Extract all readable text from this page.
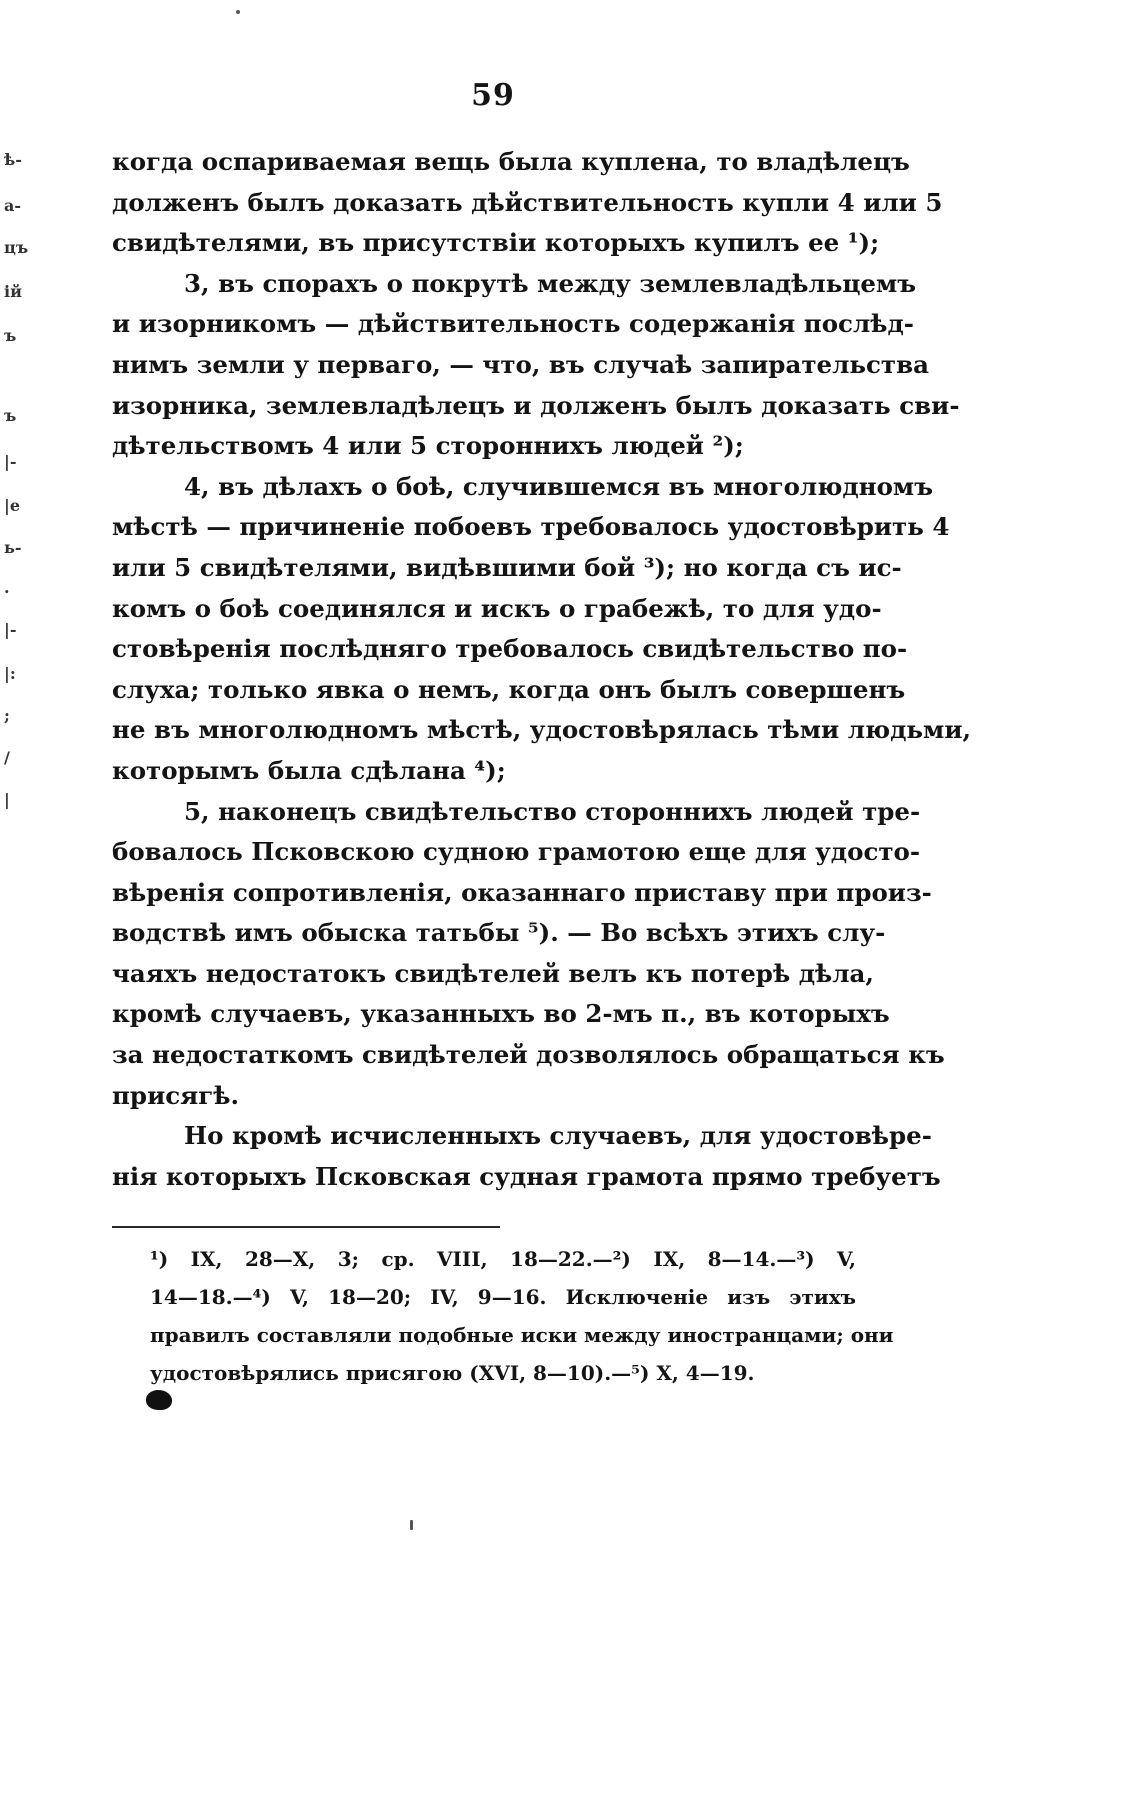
59
ѣ-
а-
цъ
ій
ъ
ъ
|-
|е
ь-
.
|-
|:
;
/
|
когда оспариваемая вещь была куплена, то владѣлецъ
долженъ былъ доказать дѣйствительность купли 4 или 5
свидѣтелями, въ присутствіи которыхъ купилъ ее ¹);
3, въ спорахъ о покрутѣ между землевладѣльцемъ
и изорникомъ — дѣйствительность содержанія послѣд-
нимъ земли у перваго, — что, въ случаѣ запирательства
изорника, землевладѣлецъ и долженъ былъ доказать сви-
дѣтельствомъ 4 или 5 стороннихъ людей ²);
4, въ дѣлахъ о боѣ, случившемся въ многолюдномъ
мѣстѣ — причиненіе побоевъ требовалось удостовѣрить 4
или 5 свидѣтелями, видѣвшими бой ³); но когда съ ис-
комъ о боѣ соединялся и искъ о грабежѣ, то для удо-
стовѣренія послѣдняго требовалось свидѣтельство по-
слуха; только явка о немъ, когда онъ былъ совершенъ
не въ многолюдномъ мѣстѣ, удостовѣрялась тѣми людьми,
которымъ была сдѣлана ⁴);
5, наконецъ свидѣтельство стороннихъ людей тре-
бовалось Псковскою судною грамотою еще для удосто-
вѣренія сопротивленія, оказаннаго приставу при произ-
водствѣ имъ обыска татьбы ⁵). — Во всѣхъ этихъ слу-
чаяхъ недостатокъ свидѣтелей велъ къ потерѣ дѣла,
кромѣ случаевъ, указанныхъ во 2-мъ п., въ которыхъ
за недостаткомъ свидѣтелей дозволялось обращаться къ
присягѣ.
Но кромѣ исчисленныхъ случаевъ, для удостовѣре-
нія которыхъ Псковская судная грамота прямо требуетъ
¹) IX, 28—X, 3; ср. VIII, 18—22.—²) IX, 8—14.—³) V,
14—18.—⁴) V, 18—20; IV, 9—16. Исключеніе изъ этихъ
правилъ составляли подобные иски между иностранцами; они
удостовѣрялись присягою (XVI, 8—10).—⁵) X, 4—19.
